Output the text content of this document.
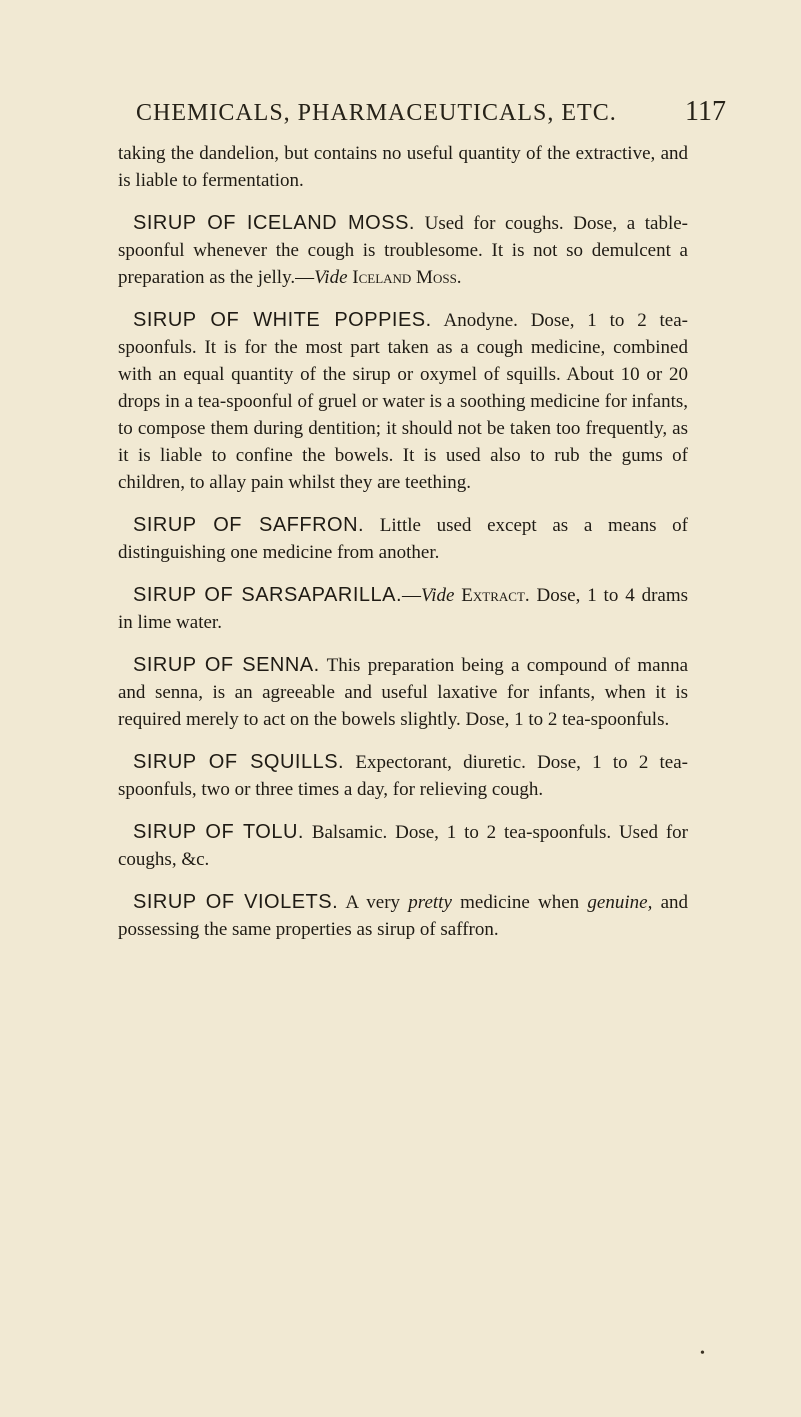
CHEMICALS, PHARMACEUTICALS, ETC.	117

taking the dandelion, but contains no useful quantity of the extractive, and is liable to fermentation.

SIRUP OF ICELAND MOSS. Used for coughs. Dose, a table-spoonful whenever the cough is troublesome. It is not so demulcent a preparation as the jelly.—Vide Iceland Moss.

SIRUP OF WHITE POPPIES. Anodyne. Dose, 1 to 2 tea-spoonfuls. It is for the most part taken as a cough medicine, combined with an equal quantity of the sirup or oxymel of squills. About 10 or 20 drops in a tea-spoonful of gruel or water is a soothing medicine for infants, to compose them during dentition; it should not be taken too frequently, as it is liable to confine the bowels. It is used also to rub the gums of children, to allay pain whilst they are teething.

SIRUP OF SAFFRON. Little used except as a means of distinguishing one medicine from another.

SIRUP OF SARSAPARILLA.—Vide Extract. Dose, 1 to 4 drams in lime water.

SIRUP OF SENNA. This preparation being a compound of manna and senna, is an agreeable and useful laxative for infants, when it is required merely to act on the bowels slightly. Dose, 1 to 2 tea-spoonfuls.

SIRUP OF SQUILLS. Expectorant, diuretic. Dose, 1 to 2 tea-spoonfuls, two or three times a day, for relieving cough.

SIRUP OF TOLU. Balsamic. Dose, 1 to 2 tea-spoonfuls. Used for coughs, &c.

SIRUP OF VIOLETS. A very pretty medicine when genuine, and possessing the same properties as sirup of saffron.

•
